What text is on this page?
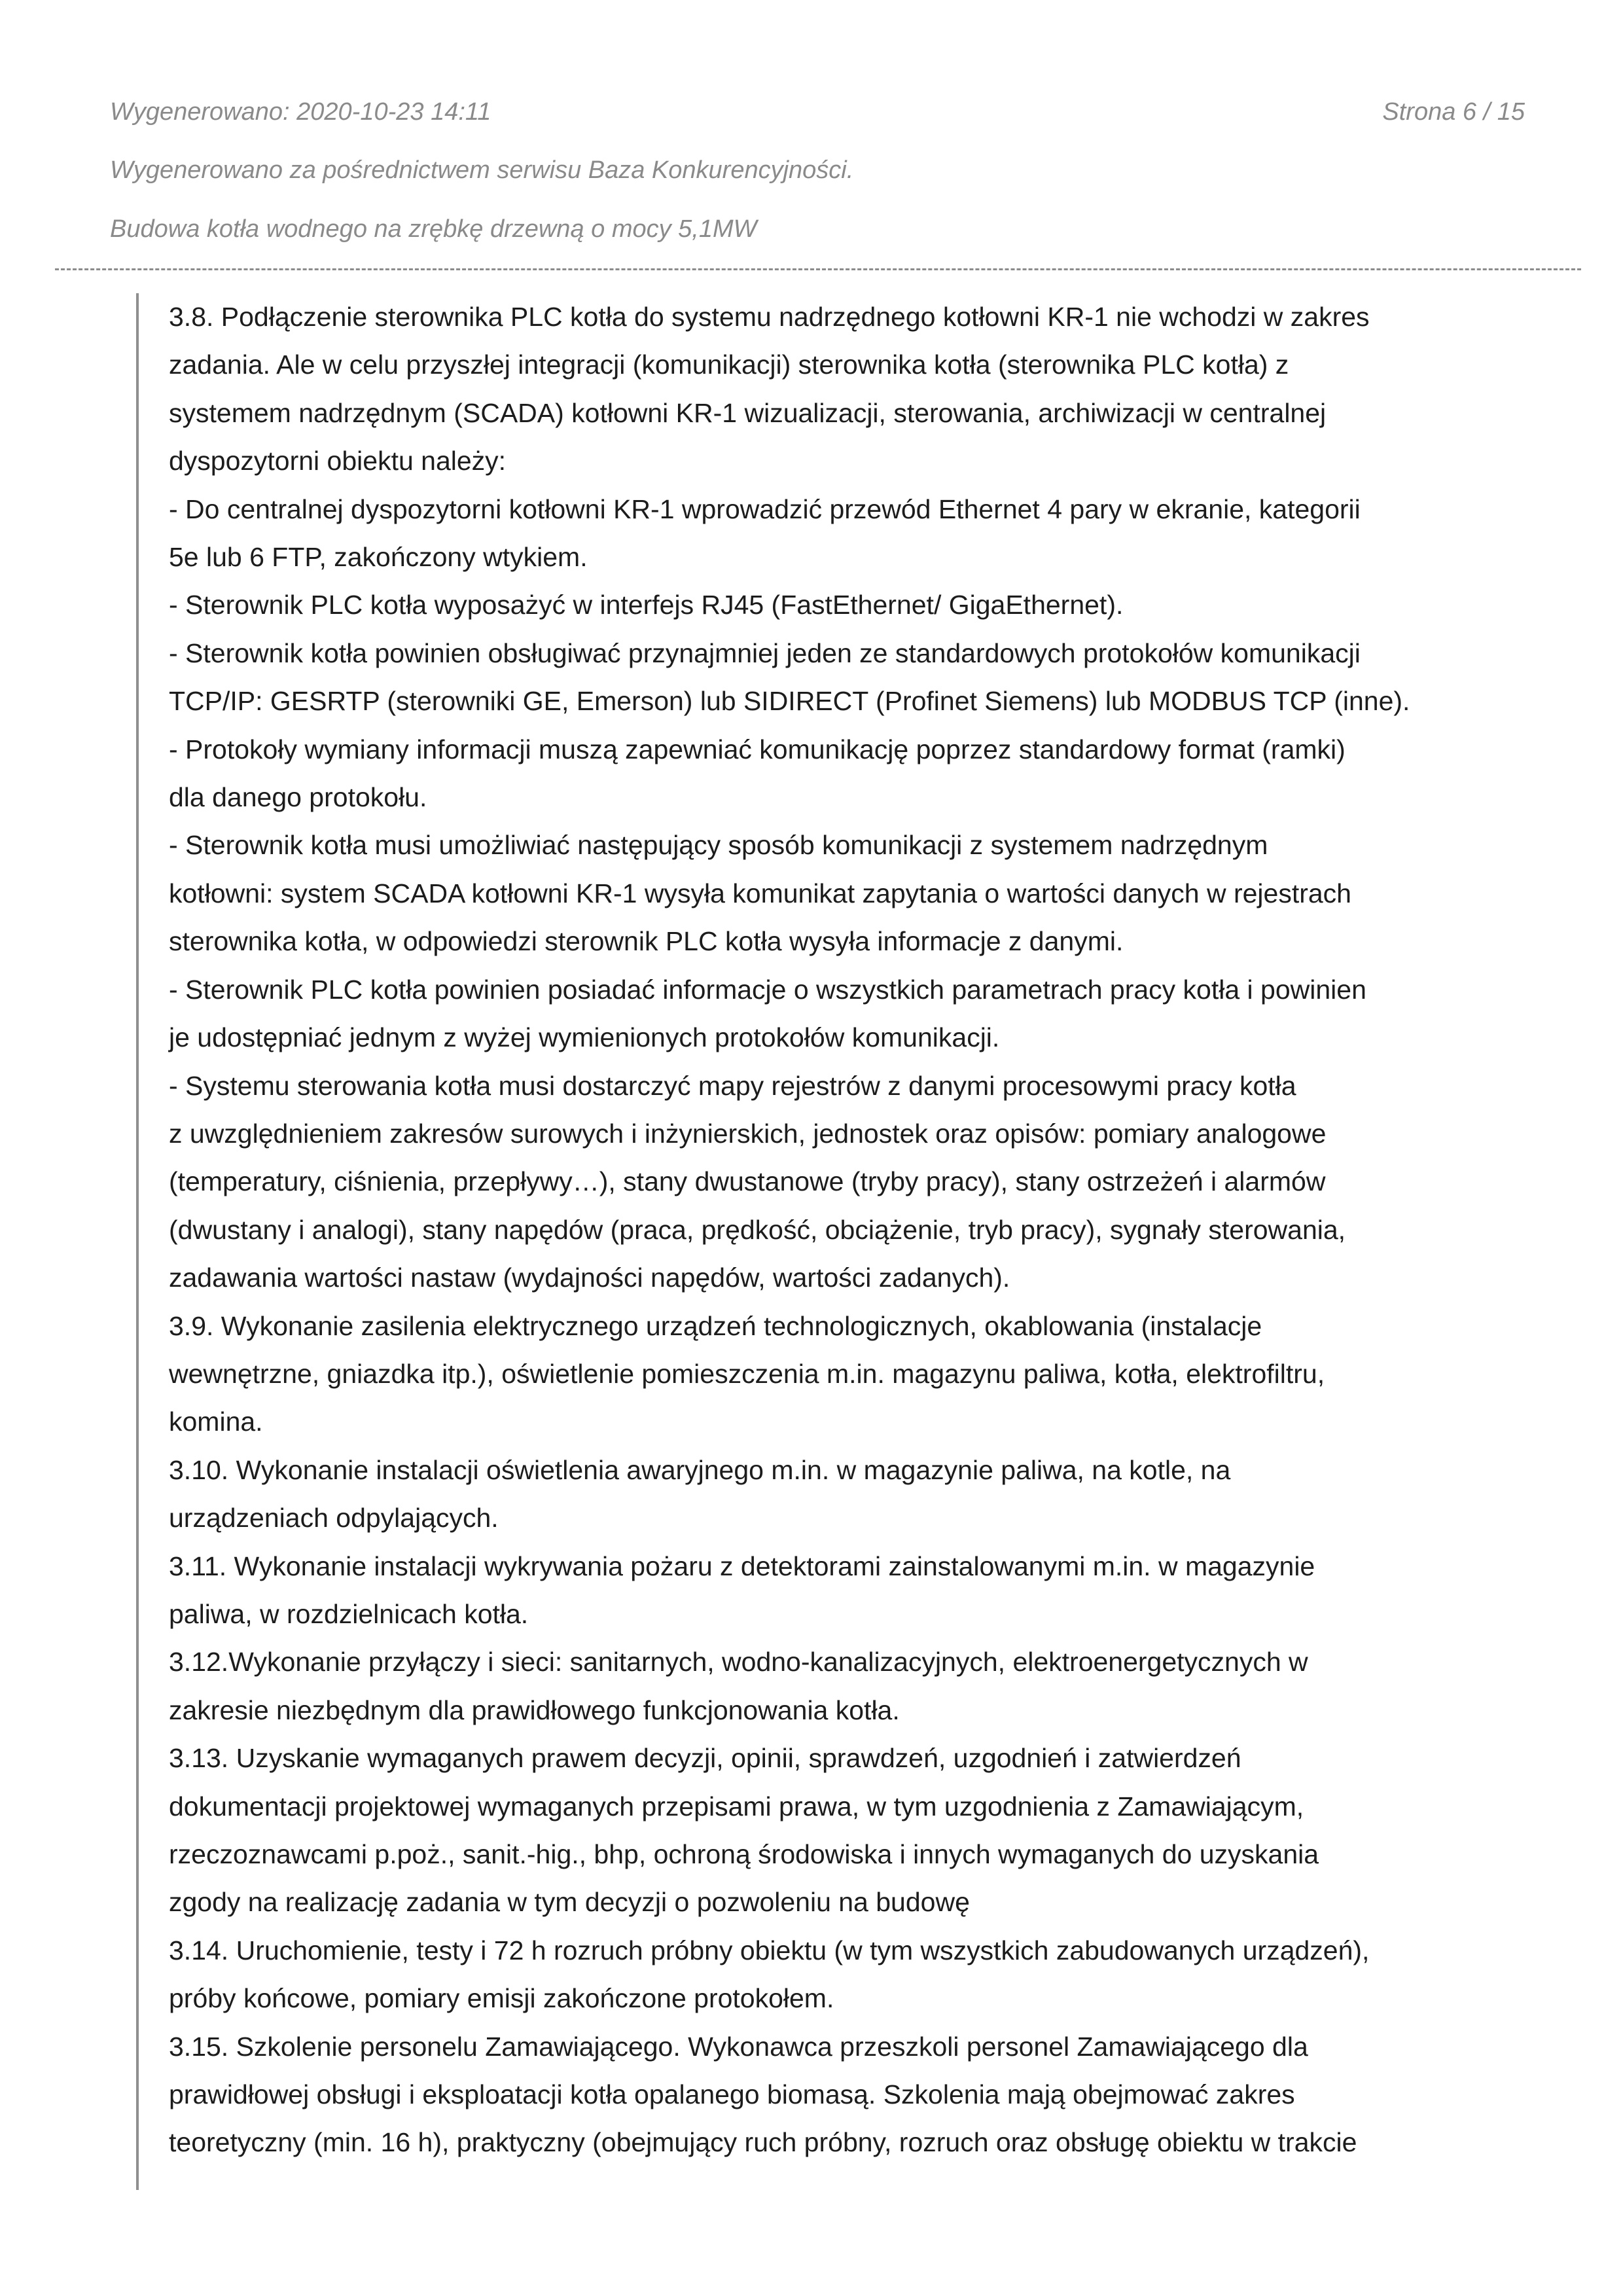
Wygenerowano: 2020-10-23 14:11	Strona 6 / 15
Wygenerowano za pośrednictwem serwisu Baza Konkurencyjności.
Budowa kotła wodnego na zrębkę drzewną o mocy 5,1MW

3.8. Podłączenie sterownika PLC kotła do systemu nadrzędnego kotłowni KR-1 nie wchodzi w zakres

zadania. Ale w celu przyszłej integracji (komunikacji) sterownika kotła (sterownika PLC kotła) z

systemem nadrzędnym (SCADA) kotłowni KR-1 wizualizacji, sterowania, archiwizacji w centralnej

dyspozytorni obiektu należy:

- Do centralnej dyspozytorni kotłowni KR-1 wprowadzić przewód Ethernet 4 pary w ekranie, kategorii

5e lub 6 FTP, zakończony wtykiem.

- Sterownik PLC kotła wyposażyć w interfejs RJ45 (FastEthernet/ GigaEthernet).

- Sterownik kotła powinien obsługiwać przynajmniej jeden ze standardowych protokołów komunikacji

TCP/IP: GESRTP (sterowniki GE, Emerson) lub SIDIRECT (Profinet Siemens) lub MODBUS TCP (inne).

- Protokoły wymiany informacji muszą zapewniać komunikację poprzez standardowy format (ramki)

dla danego protokołu.

- Sterownik kotła musi umożliwiać następujący sposób komunikacji z systemem nadrzędnym

kotłowni: system SCADA kotłowni KR-1 wysyła komunikat zapytania o wartości danych w rejestrach

sterownika kotła, w odpowiedzi sterownik PLC kotła wysyła informacje z danymi.

- Sterownik PLC kotła powinien posiadać informacje o wszystkich parametrach pracy kotła i powinien

je udostępniać jednym z wyżej wymienionych protokołów komunikacji.

- Systemu sterowania kotła musi dostarczyć mapy rejestrów z danymi procesowymi pracy kotła

z uwzględnieniem zakresów surowych i inżynierskich, jednostek oraz opisów: pomiary analogowe

(temperatury, ciśnienia, przepływy…), stany dwustanowe (tryby pracy), stany ostrzeżeń i alarmów

(dwustany i analogi), stany napędów (praca, prędkość, obciążenie, tryb pracy), sygnały sterowania,

zadawania wartości nastaw (wydajności napędów, wartości zadanych).

3.9. Wykonanie zasilenia elektrycznego urządzeń technologicznych, okablowania (instalacje

wewnętrzne, gniazdka itp.), oświetlenie pomieszczenia m.in. magazynu paliwa, kotła, elektrofiltru,

komina.

3.10. Wykonanie instalacji oświetlenia awaryjnego m.in. w magazynie paliwa, na kotle, na

urządzeniach odpylających.

3.11. Wykonanie instalacji wykrywania pożaru z detektorami zainstalowanymi m.in. w magazynie

paliwa, w rozdzielnicach kotła.

3.12.Wykonanie przyłączy i sieci: sanitarnych, wodno-kanalizacyjnych, elektroenergetycznych w

zakresie niezbędnym dla prawidłowego funkcjonowania kotła.

3.13. Uzyskanie wymaganych prawem decyzji, opinii, sprawdzeń, uzgodnień i zatwierdzeń

dokumentacji projektowej wymaganych przepisami prawa, w tym uzgodnienia z Zamawiającym,

rzeczoznawcami p.poż., sanit.-hig., bhp, ochroną środowiska i innych wymaganych do uzyskania

zgody na realizację zadania w tym decyzji o pozwoleniu na budowę

3.14. Uruchomienie, testy i 72 h rozruch próbny obiektu (w tym wszystkich zabudowanych urządzeń),

próby końcowe, pomiary emisji zakończone protokołem.

3.15. Szkolenie personelu Zamawiającego. Wykonawca przeszkoli personel Zamawiającego dla

prawidłowej obsługi i eksploatacji kotła opalanego biomasą. Szkolenia mają obejmować zakres

teoretyczny (min. 16 h), praktyczny (obejmujący ruch próbny, rozruch oraz obsługę obiektu w trakcie
